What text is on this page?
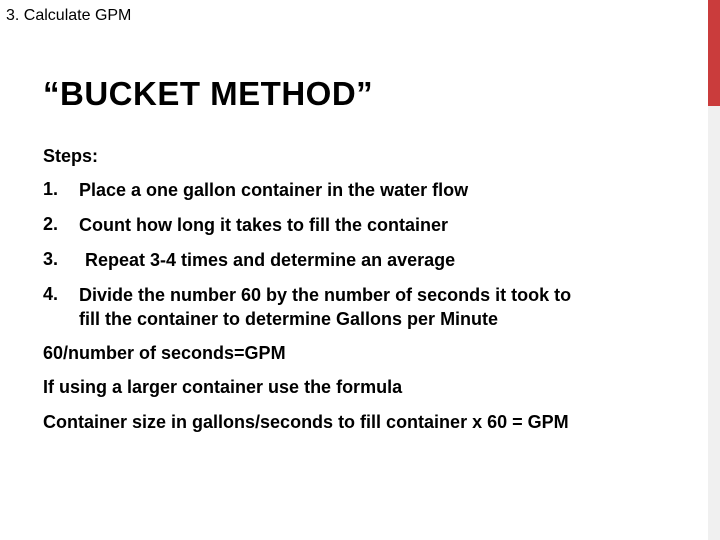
3. Calculate GPM
“BUCKET METHOD”
Steps:
1. Place a one gallon container in the water flow
2. Count how long it takes to fill the container
3. Repeat 3-4 times and determine an average
4. Divide the number 60 by the number of seconds it took to
fill the container to determine Gallons per Minute
60/number of seconds=GPM
If using a larger container use the formula
Container size in gallons/seconds to fill container x 60 = GPM
